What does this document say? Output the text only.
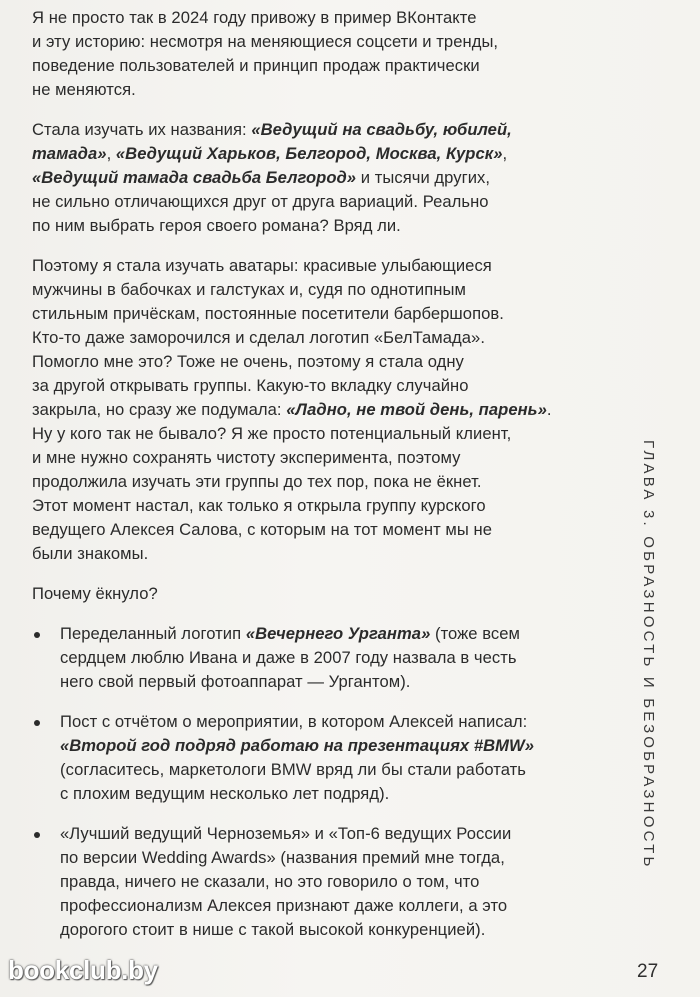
Я не просто так в 2024 году привожу в пример ВКонтакте
и эту историю: несмотря на меняющиеся соцсети и тренды,
поведение пользователей и принцип продаж практически
не меняются.

Стала изучать их названия: «Ведущий на свадьбу, юбилей,
тамада», «Ведущий Харьков, Белгород, Москва, Курск»,
«Ведущий тамада свадьба Белгород» и тысячи других,
не сильно отличающихся друг от друга вариаций. Реально
по ним выбрать героя своего романа? Вряд ли.

Поэтому я стала изучать аватары: красивые улыбающиеся
мужчины в бабочках и галстуках и, судя по однотипным
стильным причёскам, постоянные посетители барбершопов.
Кто-то даже заморочился и сделал логотип «БелТамада».
Помогло мне это? Тоже не очень, поэтому я стала одну
за другой открывать группы. Какую-то вкладку случайно
закрыла, но сразу же подумала: «Ладно, не твой день, парень».
Ну у кого так не бывало? Я же просто потенциальный клиент,
и мне нужно сохранять чистоту эксперимента, поэтому
продолжила изучать эти группы до тех пор, пока не ёкнет.
Этот момент настал, как только я открыла группу курского
ведущего Алексея Салова, с которым на тот момент мы не
были знакомы.

Почему ёкнуло?

Переделанный логотип «Вечернего Урганта» (тоже всем
сердцем люблю Ивана и даже в 2007 году назвала в честь
него свой первый фотоаппарат — Ургантом).
Пост с отчётом о мероприятии, в котором Алексей написал:
«Второй год подряд работаю на презентациях #BMW»
(согласитесь, маркетологи BMW вряд ли бы стали работать
с плохим ведущим несколько лет подряд).
«Лучший ведущий Черноземья» и «Топ-6 ведущих России
по версии Wedding Awards» (названия премий мне тогда,
правда, ничего не сказали, но это говорило о том, что
профессионализм Алексея признают даже коллеги, а это
дорогого стоит в нише с такой высокой конкуренцией).
ГЛАВА 3. ОБРАЗНОСТЬ И БЕЗОБРАЗНОСТЬ
27
bookclub.by
